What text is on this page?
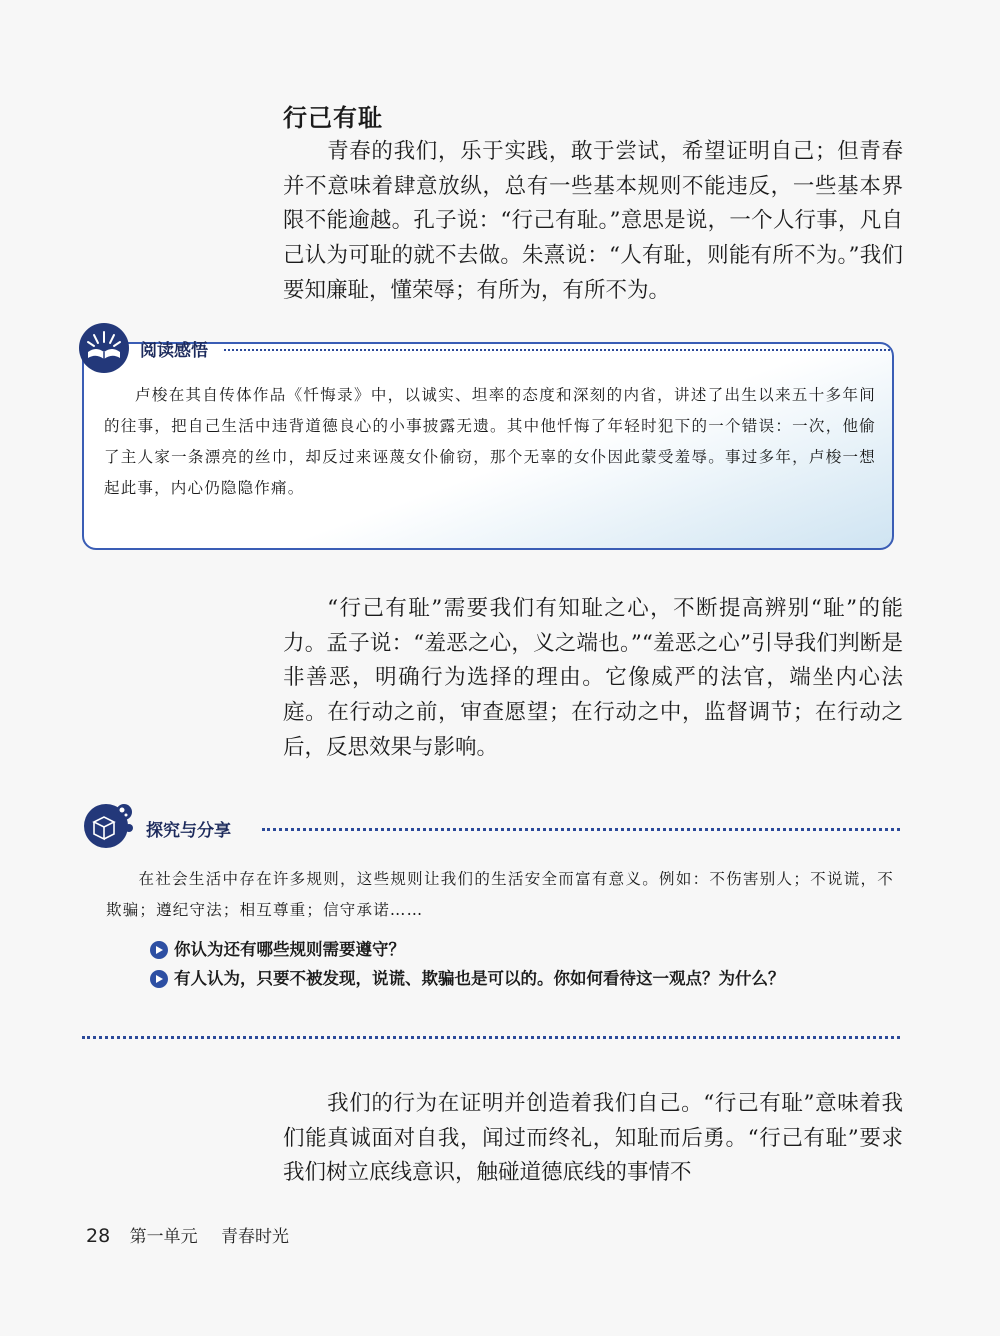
行己有耻

青春的我们，乐于实践，敢于尝试，希望证明自己；但青春并不意味着肆意放纵，总有一些基本规则不能违反，一些基本界限不能逾越。孔子说：“行己有耻。”意思是说，一个人行事，凡自己认为可耻的就不去做。朱熹说：“人有耻，则能有所不为。”我们要知廉耻，懂荣辱；有所为，有所不为。

阅读感悟

卢梭在其自传体作品《忏悔录》中，以诚实、坦率的态度和深刻的内省，讲述了出生以来五十多年间的往事，把自己生活中违背道德良心的小事披露无遗。其中他忏悔了年轻时犯下的一个错误：一次，他偷了主人家一条漂亮的丝巾，却反过来诬蔑女仆偷窃，那个无辜的女仆因此蒙受羞辱。事过多年，卢梭一想起此事，内心仍隐隐作痛。

“行己有耻”需要我们有知耻之心，不断提高辨别“耻”的能力。孟子说：“羞恶之心，义之端也。”“羞恶之心”引导我们判断是非善恶，明确行为选择的理由。它像威严的法官，端坐内心法庭。在行动之前，审查愿望；在行动之中，监督调节；在行动之后，反思效果与影响。

探究与分享

在社会生活中存在许多规则，这些规则让我们的生活安全而富有意义。例如：不伤害别人；不说谎，不欺骗；遵纪守法；相互尊重；信守承诺……

你认为还有哪些规则需要遵守？
有人认为，只要不被发现，说谎、欺骗也是可以的。你如何看待这一观点？为什么？

我们的行为在证明并创造着我们自己。“行己有耻”意味着我们能真诚面对自我，闻过而终礼，知耻而后勇。“行己有耻”要求我们树立底线意识，触碰道德底线的事情不

28 第一单元 青春时光
